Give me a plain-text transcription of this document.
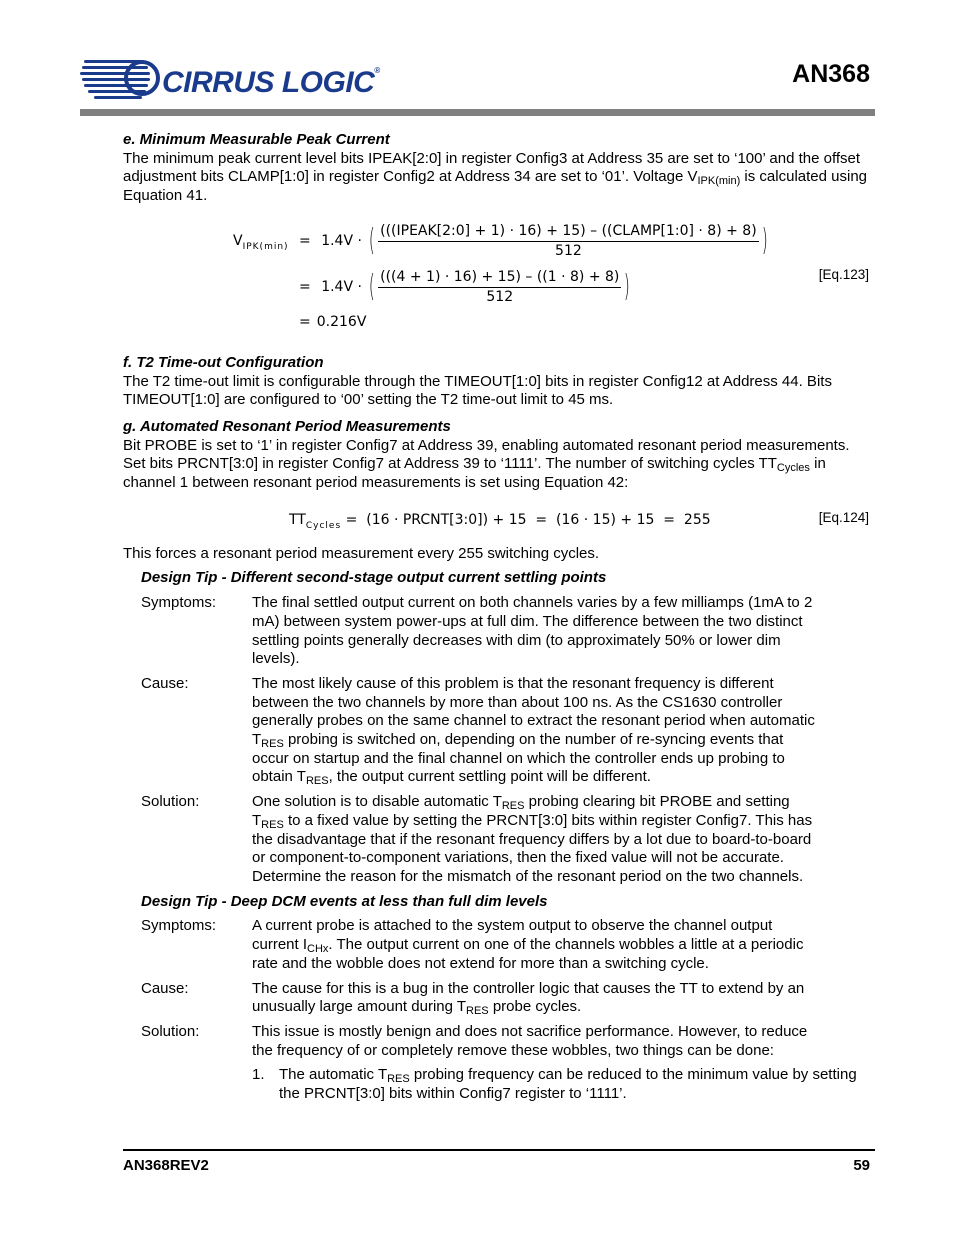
CIRRUS LOGIC®	AN368
e. Minimum Measurable Peak Current

The minimum peak current level bits IPEAK[2:0] in register Config3 at Address 35 are set to ‘100’ and the offset adjustment bits CLAMP[1:0] in register Config2 at Address 34 are set to ‘01’. Voltage $V_{IPK(min)}$ is calculated using Equation 41.

$V_{IPK(min)} = 1.4V$ · ( $\frac{\text{(((IPEAK[2:0] + 1) · 16) + 15) – ((CLAMP[1:0] · 8) + 8)}}{512}$ )
= 1.4V · ( $\frac{(((4 + 1) \cdot 16) + 15) - ((1 \cdot 8) + 8)}{512}$ )	[Eq.123]
= 0.216V
f. T2 Time-out Configuration

The T2 time-out limit is configurable through the TIMEOUT[1:0] bits in register Config12 at Address 44. Bits TIMEOUT[1:0] are configured to ‘00’ setting the T2 time-out limit to 45 ms.

g. Automated Resonant Period Measurements

Bit PROBE is set to ‘1’ in register Config7 at Address 39, enabling automated resonant period measurements. Set bits PRCNT[3:0] in register Config7 at Address 39 to ‘1111’. The number of switching cycles $TT_{Cycles}$ in channel 1 between resonant period measurements is set using Equation 42:

$TT_{Cycles} = (16$ · PRCNT[3:0]) + 15  =  (16 · 15) + 15  =  255	[Eq.124]

This forces a resonant period measurement every 255 switching cycles.

Design Tip - Different second-stage output current settling points
Symptoms:	The final settled output current on both channels varies by a few milliamps (1mA to 2 mA) between system power-ups at full dim. The difference between the two distinct settling points generally decreases with dim (to approximately 50% or lower dim levels).
Cause:	The most likely cause of this problem is that the resonant frequency is different between the two channels by more than about 100 ns. As the CS1630 controller generally probes on the same channel to extract the resonant period when automatic $T_{RES}$ probing is switched on, depending on the number of re-syncing events that occur on startup and the final channel on which the controller ends up probing to obtain $T_{RES}$, the output current settling point will be different.
Solution:	One solution is to disable automatic $T_{RES}$ probing clearing bit PROBE and setting $T_{RES}$ to a fixed value by setting the PRCNT[3:0] bits within register Config7. This has the disadvantage that if the resonant frequency differs by a lot due to board-to-board or component-to-component variations, then the fixed value will not be accurate. Determine the reason for the mismatch of the resonant period on the two channels.
Design Tip - Deep DCM events at less than full dim levels
Symptoms:	A current probe is attached to the system output to observe the channel output current $I_{CHx}$. The output current on one of the channels wobbles a little at a periodic rate and the wobble does not extend for more than a switching cycle.
Cause:	The cause for this is a bug in the controller logic that causes the TT to extend by an unusually large amount during $T_{RES}$ probe cycles.
Solution:	This issue is mostly benign and does not sacrifice performance. However, to reduce the frequency of or completely remove these wobbles, two things can be done:
1. The automatic $T_{RES}$ probing frequency can be reduced to the minimum value by setting the PRCNT[3:0] bits within Config7 register to ‘1111’.
AN368REV2	59
